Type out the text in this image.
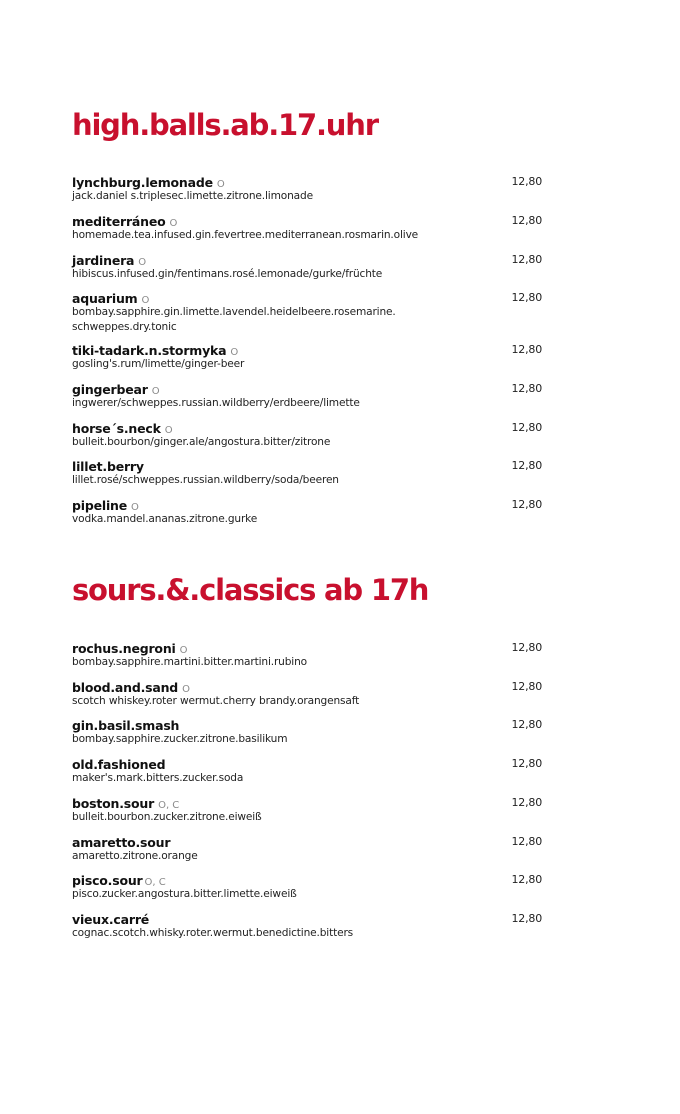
high.balls.ab.17.uhr
lynchburg.lemonade O
jack.daniel s.triplesec.limette.zitrone.limonade
12,80
mediterráneo O
homemade.tea.infused.gin.fevertree.mediterranean.rosmarin.olive
12,80
jardinera O
hibiscus.infused.gin/fentimans.rosé.lemonade/gurke/früchte
12,80
aquarium O
bombay.sapphire.gin.limette.lavendel.heidelbeere.rosemarine.
schweppes.dry.tonic
12,80
tiki-tadark.n.stormyka O
gosling's.rum/limette/ginger-beer
12,80
gingerbear O
ingwerer/schweppes.russian.wildberry/erdbeere/limette
12,80
horse´s.neck O
bulleit.bourbon/ginger.ale/angostura.bitter/zitrone
12,80
lillet.berry
lillet.rosé/schweppes.russian.wildberry/soda/beeren
12,80
pipeline O
vodka.mandel.ananas.zitrone.gurke
12,80
sours.&.classics ab 17h
rochus.negroni O
bombay.sapphire.martini.bitter.martini.rubino
12,80
blood.and.sand O
scotch whiskey.roter wermut.cherry brandy.orangensaft
12,80
gin.basil.smash
bombay.sapphire.zucker.zitrone.basilikum
12,80
old.fashioned
maker's.mark.bitters.zucker.soda
12,80
boston.sour O, C
bulleit.bourbon.zucker.zitrone.eiweiß
12,80
amaretto.sour
amaretto.zitrone.orange
12,80
pisco.sour O, C
pisco.zucker.angostura.bitter.limette.eiweiß
12,80
vieux.carré
cognac.scotch.whisky.roter.wermut.benedictine.bitters
12,80
